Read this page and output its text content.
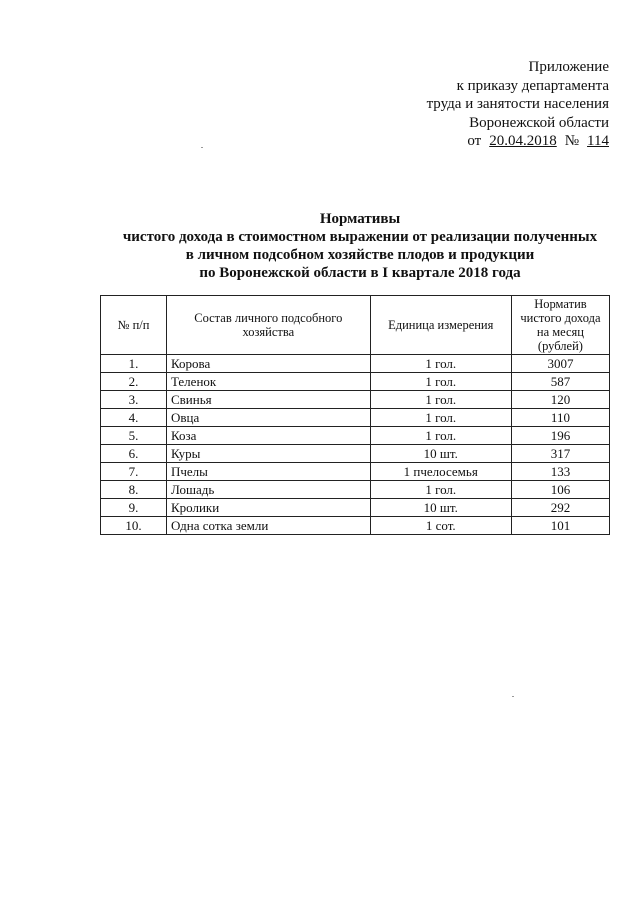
Приложение
к приказу департамента
труда и занятости населения
Воронежской области
от 20.04.2018 № 114
Нормативы
чистого дохода в стоимостном выражении от реализации полученных
в личном подсобном хозяйстве плодов и продукции
по Воронежской области в I квартале 2018 года
№ п/п	Состав личного подсобного хозяйства	Единица измерения	Норматив чистого дохода на месяц (рублей)
1.	Корова	1 гол.	3007
2.	Теленок	1 гол.	587
3.	Свинья	1 гол.	120
4.	Овца	1 гол.	110
5.	Коза	1 гол.	196
6.	Куры	10 шт.	317
7.	Пчелы	1 пчелосемья	133
8.	Лошадь	1 гол.	106
9.	Кролики	10 шт.	292
10.	Одна сотка земли	1 сот.	101
